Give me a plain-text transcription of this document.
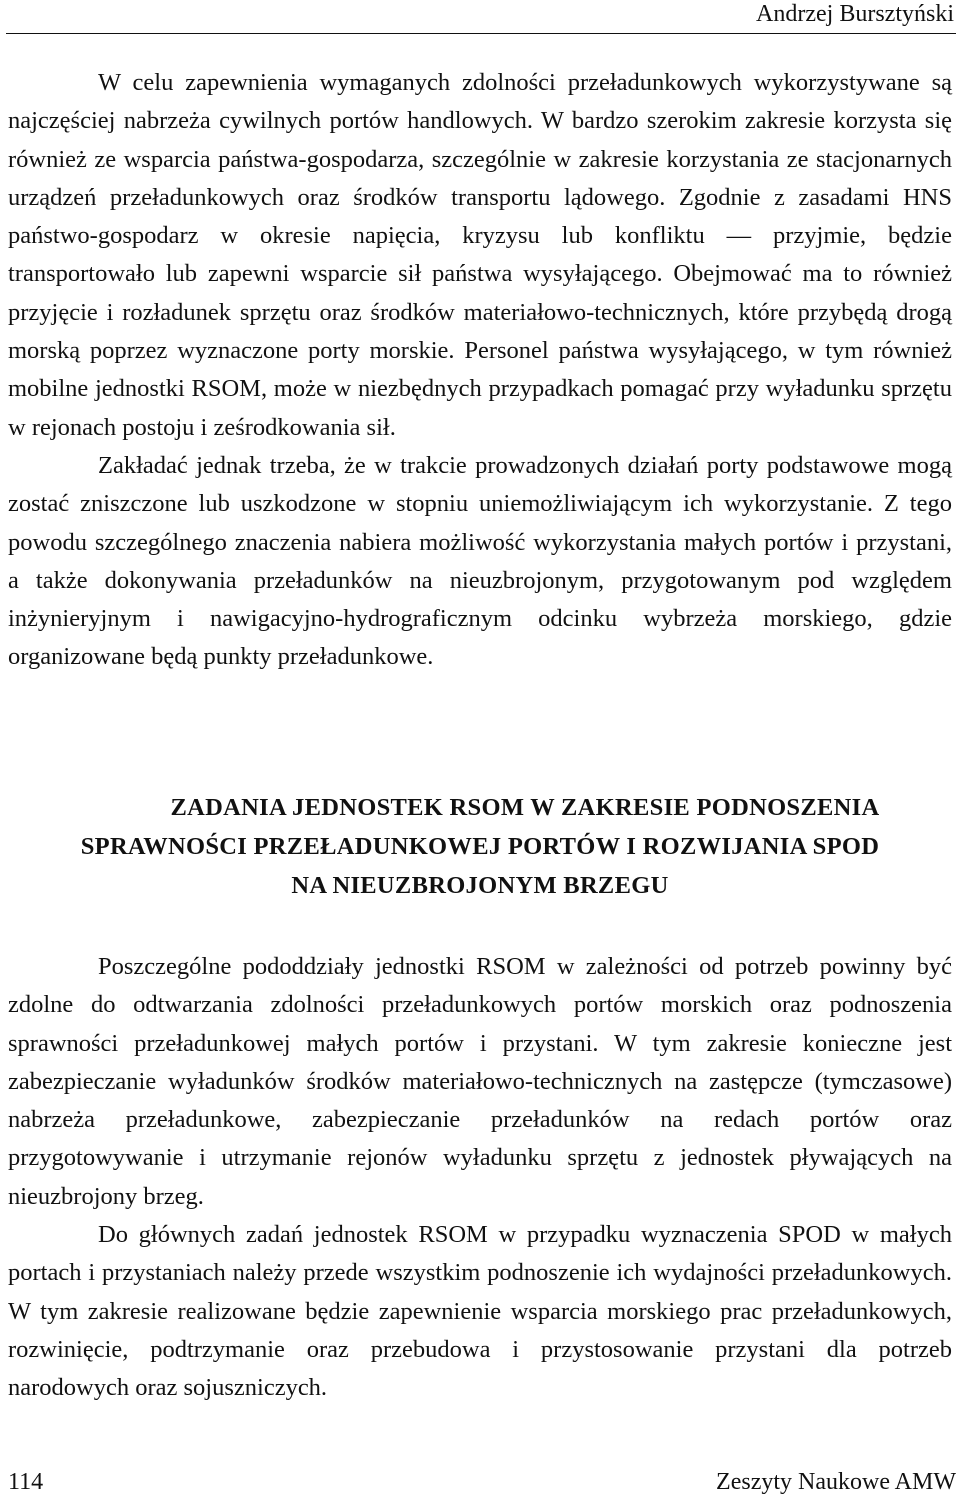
Andrzej Bursztyński

W celu zapewnienia wymaganych zdolności przeładunkowych wykorzystywane są najczęściej nabrzeża cywilnych portów handlowych. W bardzo szerokim zakresie korzysta się również ze wsparcia państwa-gospodarza, szczególnie w zakresie korzystania ze stacjonarnych urządzeń przeładunkowych oraz środków transportu lądowego. Zgodnie z zasadami HNS państwo-gospodarz w okresie napięcia, kryzysu lub konfliktu — przyjmie, będzie transportowało lub zapewni wsparcie sił państwa wysyłającego. Obejmować ma to również przyjęcie i rozładunek sprzętu oraz środków materiałowo-technicznych, które przybędą drogą morską poprzez wyznaczone porty morskie. Personel państwa wysyłającego, w tym również mobilne jednostki RSOM, może w niezbędnych przypadkach pomagać przy wyładunku sprzętu w rejonach postoju i ześrodkowania sił.

Zakładać jednak trzeba, że w trakcie prowadzonych działań porty podstawowe mogą zostać zniszczone lub uszkodzone w stopniu uniemożliwiającym ich wykorzystanie. Z tego powodu szczególnego znaczenia nabiera możliwość wykorzystania małych portów i przystani, a także dokonywania przeładunków na nieuzbrojonym, przygotowanym pod względem inżynieryjnym i nawigacyjno-hydrograficznym odcinku wybrzeża morskiego, gdzie organizowane będą punkty przeładunkowe.

ZADANIA JEDNOSTEK RSOM W ZAKRESIE PODNOSZENIA
SPRAWNOŚCI PRZEŁADUNKOWEJ PORTÓW I ROZWIJANIA SPOD
NA NIEUZBROJONYM BRZEGU

Poszczególne pododdziały jednostki RSOM w zależności od potrzeb powinny być zdolne do odtwarzania zdolności przeładunkowych portów morskich oraz podnoszenia sprawności przeładunkowej małych portów i przystani. W tym zakresie konieczne jest zabezpieczanie wyładunków środków materiałowo-technicznych na zastępcze (tymczasowe) nabrzeża przeładunkowe, zabezpieczanie przeładunków na redach portów oraz przygotowywanie i utrzymanie rejonów wyładunku sprzętu z jednostek pływających na nieuzbrojony brzeg.

Do głównych zadań jednostek RSOM w przypadku wyznaczenia SPOD w małych portach i przystaniach należy przede wszystkim podnoszenie ich wydajności przeładunkowych. W tym zakresie realizowane będzie zapewnienie wsparcia morskiego prac przeładunkowych, rozwinięcie, podtrzymanie oraz przebudowa i przystosowanie przystani dla potrzeb narodowych oraz sojuszniczych.

114	Zeszyty Naukowe AMW
